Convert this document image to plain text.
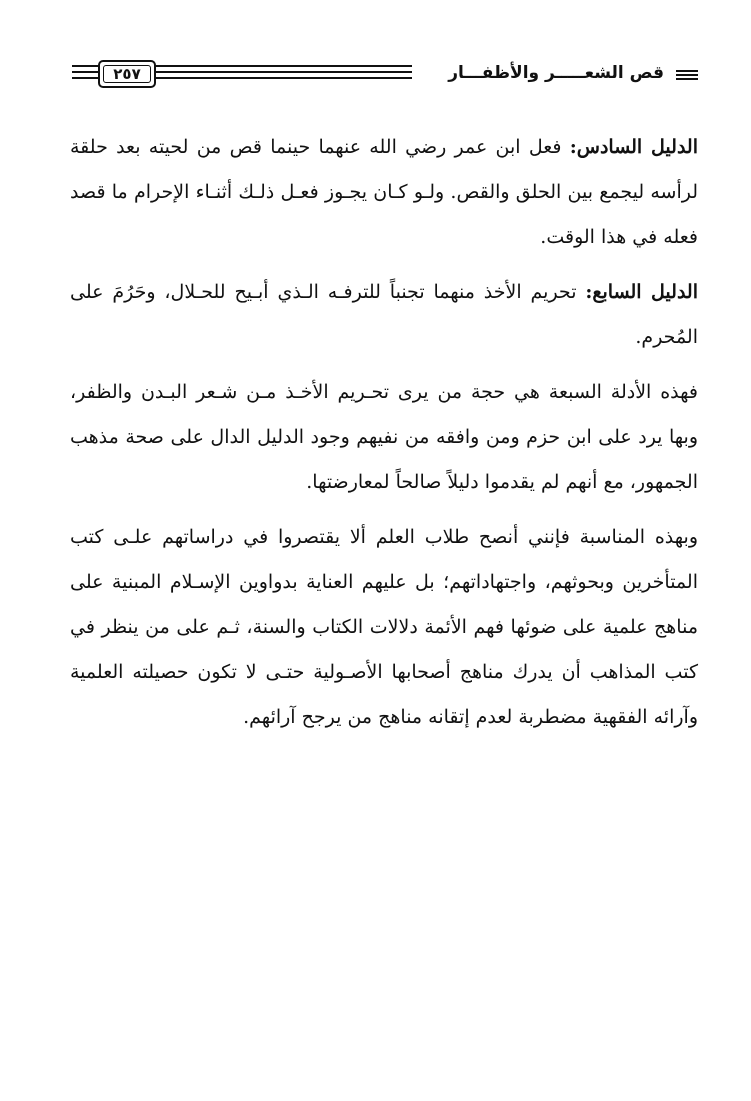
٢٥٧	قص الشعـــــر والأظفـــار

الدليل السادس: فعل ابن عمر رضي الله عنهما حينما قص من لحيته بعد حلقة لرأسه ليجمع بين الحلق والقص. ولـو كـان يجـوز فعـل ذلـك أثنـاء الإحرام ما قصد فعله في هذا الوقت.

الدليل السابع: تحريم الأخذ منهما تجنباً للترفـه الـذي أبـيح للحـلال، وحَرُمَ على المُحرم.

فهذه الأدلة السبعة هي حجة من يرى تحـريم الأخـذ مـن شـعر البـدن والظفر، وبها يرد على ابن حزم ومن وافقه من نفيهم وجود الدليل الدال على صحة مذهب الجمهور، مع أنهم لم يقدموا دليلاً صالحاً لمعارضتها.

وبهذه المناسبة فإنني أنصح طلاب العلم ألا يقتصروا في دراساتهم علـى كتب المتأخرين وبحوثهم، واجتهاداتهم؛ بل عليهم العناية بدواوين الإسـلام المبنية على مناهج علمية على ضوئها فهم الأئمة دلالات الكتاب والسنة، ثـم على من ينظر في كتب المذاهب أن يدرك مناهج أصحابها الأصـولية حتـى لا تكون حصيلته العلمية وآرائه الفقهية مضطربة لعدم إتقانه مناهج من يرجح آرائهم.
